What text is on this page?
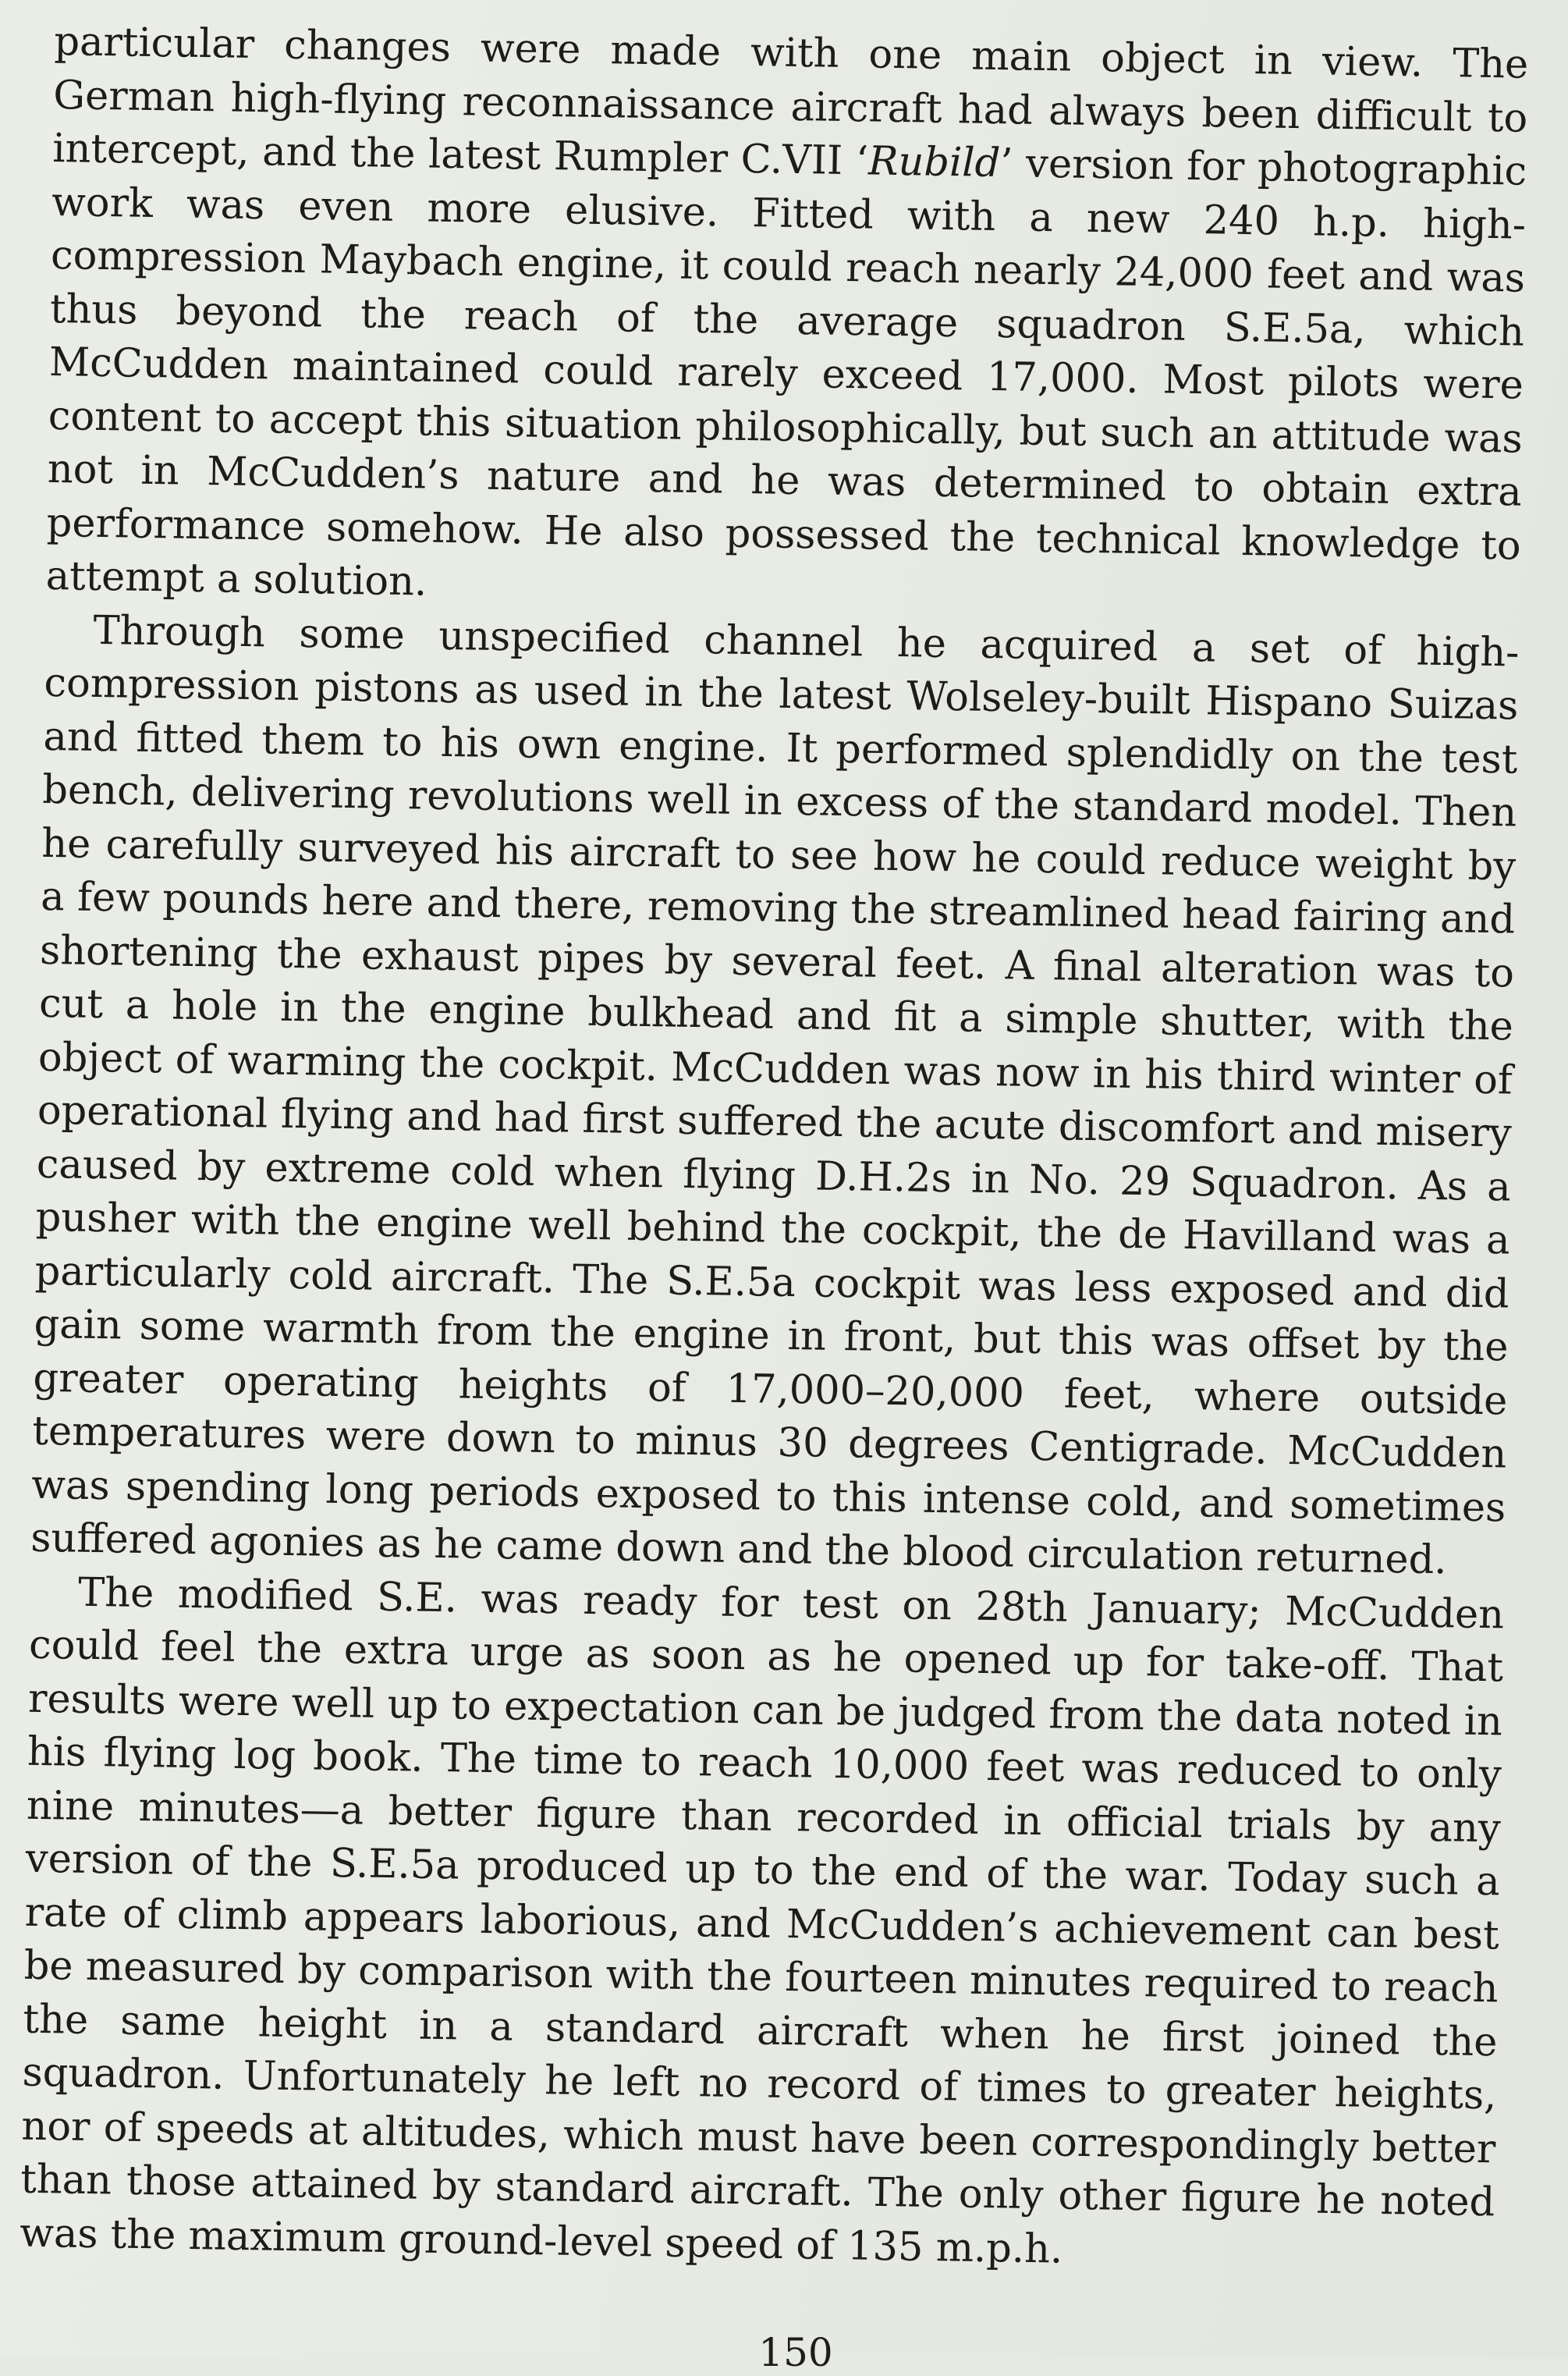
particular changes were made with one main object in view. The German high-flying reconnaissance aircraft had always been difficult to intercept, and the latest Rumpler C.VII ‘Rubild’ version for photographic work was even more elusive. Fitted with a new 240 h.p. high-compression Maybach engine, it could reach nearly 24,000 feet and was thus beyond the reach of the average squadron S.E.5a, which McCudden maintained could rarely exceed 17,000. Most pilots were content to accept this situation philosophically, but such an attitude was not in McCudden’s nature and he was determined to obtain extra performance somehow. He also possessed the technical knowledge to attempt a solution.

Through some unspecified channel he acquired a set of high-compression pistons as used in the latest Wolseley-built Hispano Suizas and fitted them to his own engine. It performed splendidly on the test bench, delivering revolutions well in excess of the standard model. Then he carefully surveyed his aircraft to see how he could reduce weight by a few pounds here and there, removing the streamlined head fairing and shortening the exhaust pipes by several feet. A final alteration was to cut a hole in the engine bulkhead and fit a simple shutter, with the object of warming the cockpit. McCudden was now in his third winter of operational flying and had first suffered the acute discomfort and misery caused by extreme cold when flying D.H.2s in No. 29 Squadron. As a pusher with the engine well behind the cockpit, the de Havilland was a particularly cold aircraft. The S.E.5a cockpit was less exposed and did gain some warmth from the engine in front, but this was offset by the greater operating heights of 17,000–20,000 feet, where outside temperatures were down to minus 30 degrees Centigrade. McCudden was spending long periods exposed to this intense cold, and sometimes suffered agonies as he came down and the blood circulation returned.

The modified S.E. was ready for test on 28th January; McCudden could feel the extra urge as soon as he opened up for take-off. That results were well up to expectation can be judged from the data noted in his flying log book. The time to reach 10,000 feet was reduced to only nine minutes—a better figure than recorded in official trials by any version of the S.E.5a produced up to the end of the war. Today such a rate of climb appears laborious, and McCudden’s achievement can best be measured by comparison with the fourteen minutes required to reach the same height in a standard aircraft when he first joined the squadron. Unfortunately he left no record of times to greater heights, nor of speeds at altitudes, which must have been correspondingly better than those attained by standard aircraft. The only other figure he noted was the maximum ground-level speed of 135 m.p.h.

150
